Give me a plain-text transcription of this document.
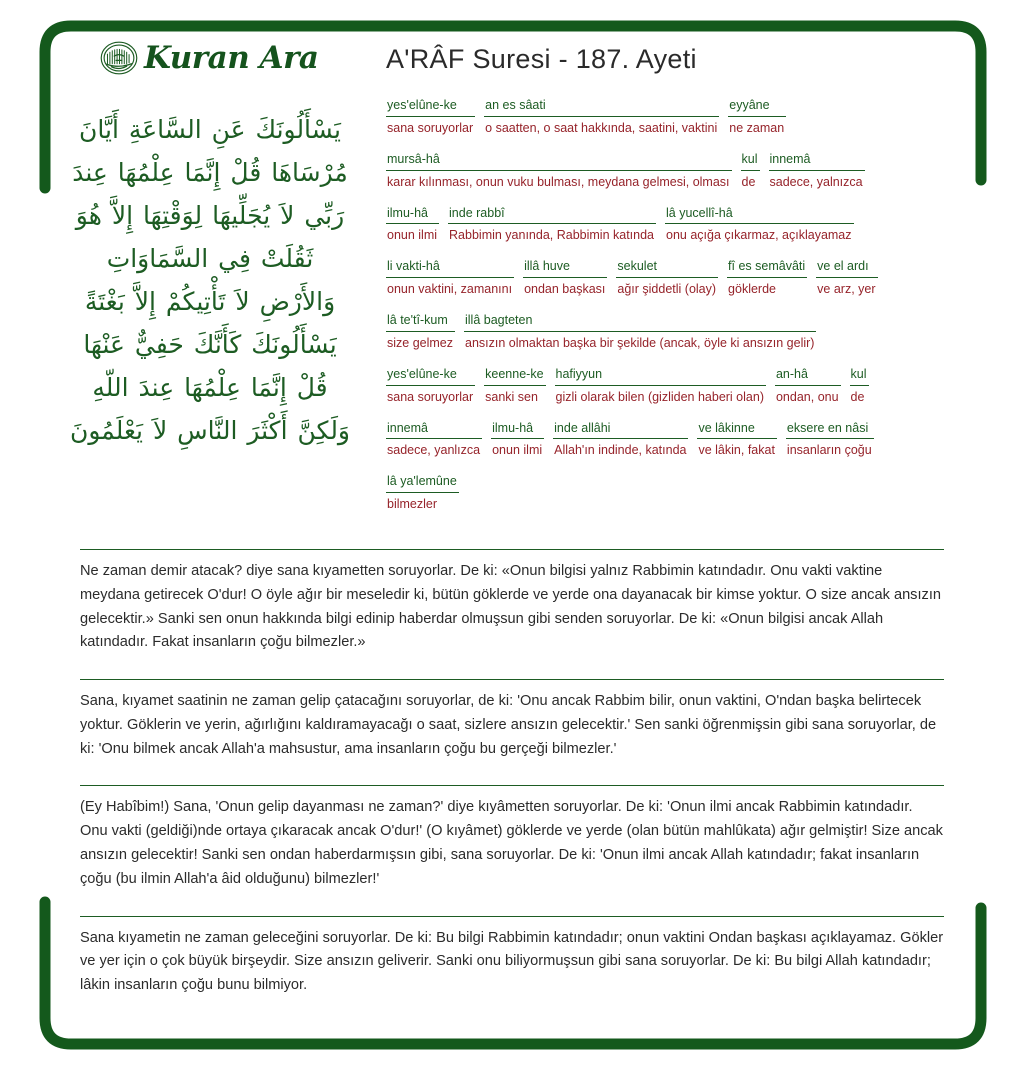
Kuran Ara
يَسْأَلُونَكَ عَنِ السَّاعَةِ أَيَّانَ مُرْسَاهَا قُلْ إِنَّمَا عِلْمُهَا عِندَ رَبِّي لاَ يُجَلِّيهَا لِوَقْتِهَا إِلاَّ هُوَ ثَقُلَتْ فِي السَّمَاوَاتِ وَالأَرْضِ لاَ تَأْتِيكُمْ إِلاَّ بَغْتَةً يَسْأَلُونَكَ كَأَنَّكَ حَفِيٌّ عَنْهَا قُلْ إِنَّمَا عِلْمُهَا عِندَ اللّهِ وَلَكِنَّ أَكْثَرَ النَّاسِ لاَ يَعْلَمُونَ
A'RÂF Suresi - 187. Ayeti
yes'elûne-ke
sana soruyorlar
an es sâati
o saatten, o saat hakkında, saatini, vaktini
eyyâne
ne zaman
mursâ-hâ
karar kılınması, onun vuku bulması, meydana gelmesi, olması
kul
de
innemâ
sadece, yalnızca
ilmu-hâ
onun ilmi
inde rabbî
Rabbimin yanında, Rabbimin katında
lâ yucellî-hâ
onu açığa çıkarmaz, açıklayamaz
li vakti-hâ
onun vaktini, zamanını
illâ huve
ondan başkası
sekulet
ağır şiddetli (olay)
fî es semâvâti
göklerde
ve el ardı
ve arz, yer
lâ te'tî-kum
size gelmez
illâ bagteten
ansızın olmaktan başka bir şekilde (ancak, öyle ki ansızın gelir)
yes'elûne-ke
sana soruyorlar
keenne-ke
sanki sen
hafiyyun
gizli olarak bilen (gizliden haberi olan)
an-hâ
ondan, onu
kul
de
innemâ
sadece, yanlızca
ilmu-hâ
onun ilmi
inde allâhi
Allah'ın indinde, katında
ve lâkinne
ve lâkin, fakat
eksere en nâsi
insanların çoğu
lâ ya'lemûne
bilmezler

Ne zaman demir atacak? diye sana kıyametten soruyorlar. De ki: «Onun bilgisi yalnız Rabbimin katındadır. Onu vakti vaktine meydana getirecek O'dur! O öyle ağır bir meseledir ki, bütün göklerde ve yerde ona dayanacak bir kimse yoktur. O size ancak ansızın gelecektir.» Sanki sen onun hakkında bilgi edinip haberdar olmuşsun gibi senden soruyorlar. De ki: «Onun bilgisi ancak Allah katındadır. Fakat insanların çoğu bilmezler.»

Sana, kıyamet saatinin ne zaman gelip çatacağını soruyorlar, de ki: 'Onu ancak Rabbim bilir, onun vaktini, O'ndan başka belirtecek yoktur. Göklerin ve yerin, ağırlığını kaldıramayacağı o saat, sizlere ansızın gelecektir.' Sen sanki öğrenmişsin gibi sana soruyorlar, de ki: 'Onu bilmek ancak Allah'a mahsustur, ama insanların çoğu bu gerçeği bilmezler.'

(Ey Habîbim!) Sana, 'Onun gelip dayanması ne zaman?' diye kıyâmetten soruyorlar. De ki: 'Onun ilmi ancak Rabbimin katındadır. Onu vakti (geldiği)nde ortaya çıkaracak ancak O'dur!' (O kıyâmet) göklerde ve yerde (olan bütün mahlûkata) ağır gelmiştir! Size ancak ansızın gelecektir! Sanki sen ondan haberdarmışsın gibi, sana soruyorlar. De ki: 'Onun ilmi ancak Allah katındadır; fakat insanların çoğu (bu ilmin Allah'a âid olduğunu) bilmezler!'

Sana kıyametin ne zaman geleceğini soruyorlar. De ki: Bu bilgi Rabbimin katındadır; onun vaktini Ondan başkası açıklayamaz. Gökler ve yer için o çok büyük birşeydir. Size ansızın geliverir. Sanki onu biliyormuşsun gibi sana soruyorlar. De ki: Bu bilgi Allah katındadır; lâkin insanların çoğu bunu bilmiyor.
